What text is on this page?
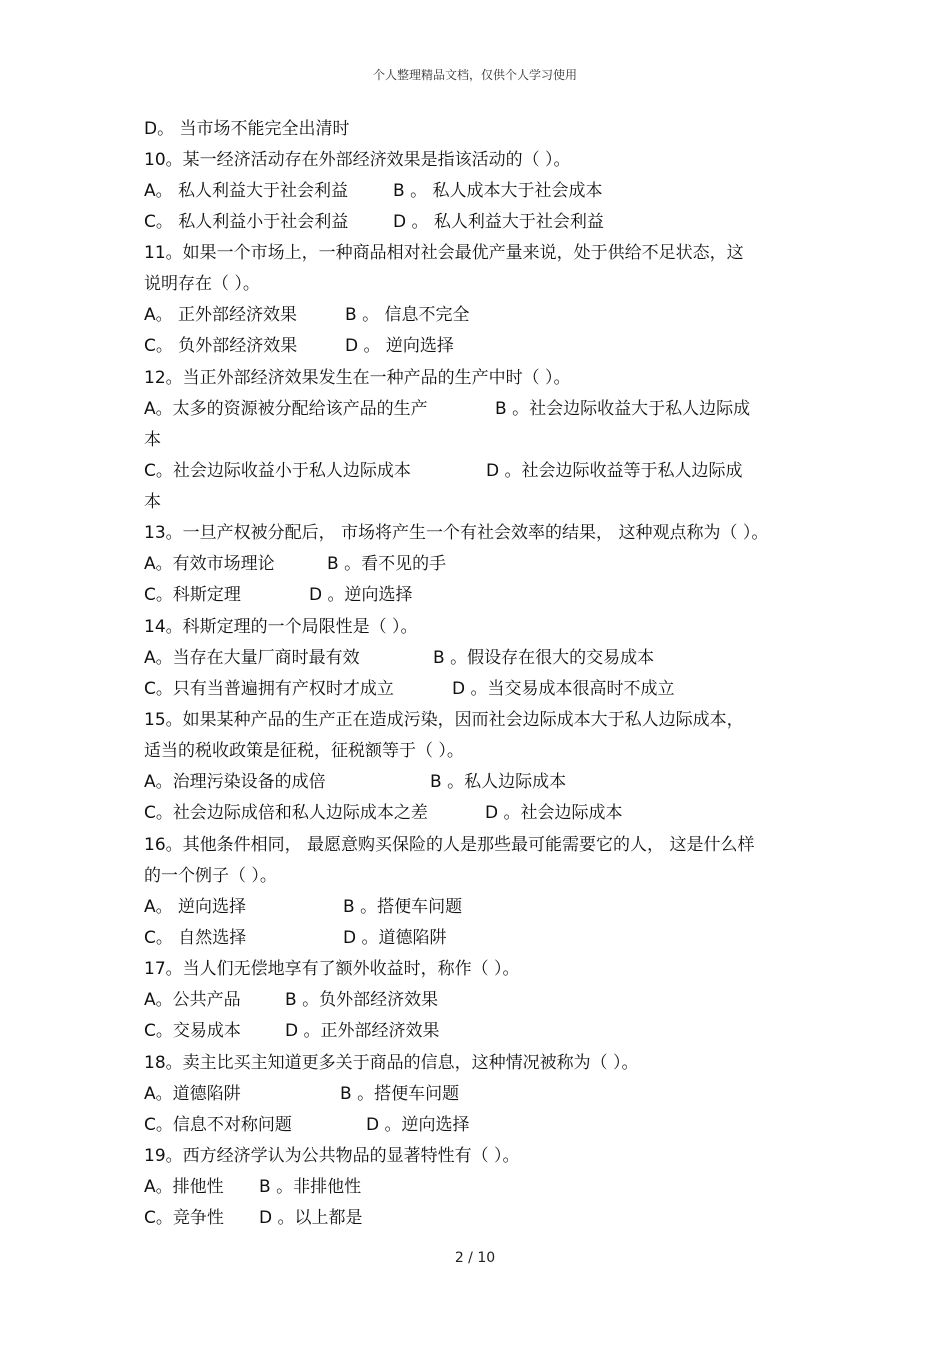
个人整理精品文档，仅供个人学习使用
D。 当市场不能完全出清时
10。某一经济活动存在外部经济效果是指该活动的（ ）。
A。 私人利益大于社会利益	B 。 私人成本大于社会成本
C。 私人利益小于社会利益	D 。 私人利益大于社会利益
11。如果一个市场上，一种商品相对社会最优产量来说，处于供给不足状态，这
说明存在（ ）。
A。 正外部经济效果	B 。 信息不完全
C。 负外部经济效果	D 。 逆向选择
12。当正外部经济效果发生在一种产品的生产中时（ ）。
A。太多的资源被分配给该产品的生产	B 。社会边际收益大于私人边际成
本
C。社会边际收益小于私人边际成本	D 。社会边际收益等于私人边际成
本
13。一旦产权被分配后， 市场将产生一个有社会效率的结果， 这种观点称为（ ）。
A。有效市场理论	B 。看不见的手
C。科斯定理	D 。逆向选择
14。科斯定理的一个局限性是（ ）。
A。当存在大量厂商时最有效	B 。假设存在很大的交易成本
C。只有当普遍拥有产权时才成立	D 。当交易成本很高时不成立
15。如果某种产品的生产正在造成污染，因而社会边际成本大于私人边际成本，
适当的税收政策是征税，征税额等于（ ）。
A。治理污染设备的成倍	B 。私人边际成本
C。社会边际成倍和私人边际成本之差	D 。社会边际成本
16。其他条件相同， 最愿意购买保险的人是那些最可能需要它的人， 这是什么样
的一个例子（ ）。
A。 逆向选择	B 。搭便车问题
C。 自然选择	D 。道德陷阱
17。当人们无偿地享有了额外收益时，称作（ ）。
A。公共产品	B 。负外部经济效果
C。交易成本	D 。正外部经济效果
18。卖主比买主知道更多关于商品的信息，这种情况被称为（ ）。
A。道德陷阱	B 。搭便车问题
C。信息不对称问题	D 。逆向选择
19。西方经济学认为公共物品的显著特性有（ ）。
A。排他性 B 。非排他性
C。竞争性 D 。以上都是
2 / 10
